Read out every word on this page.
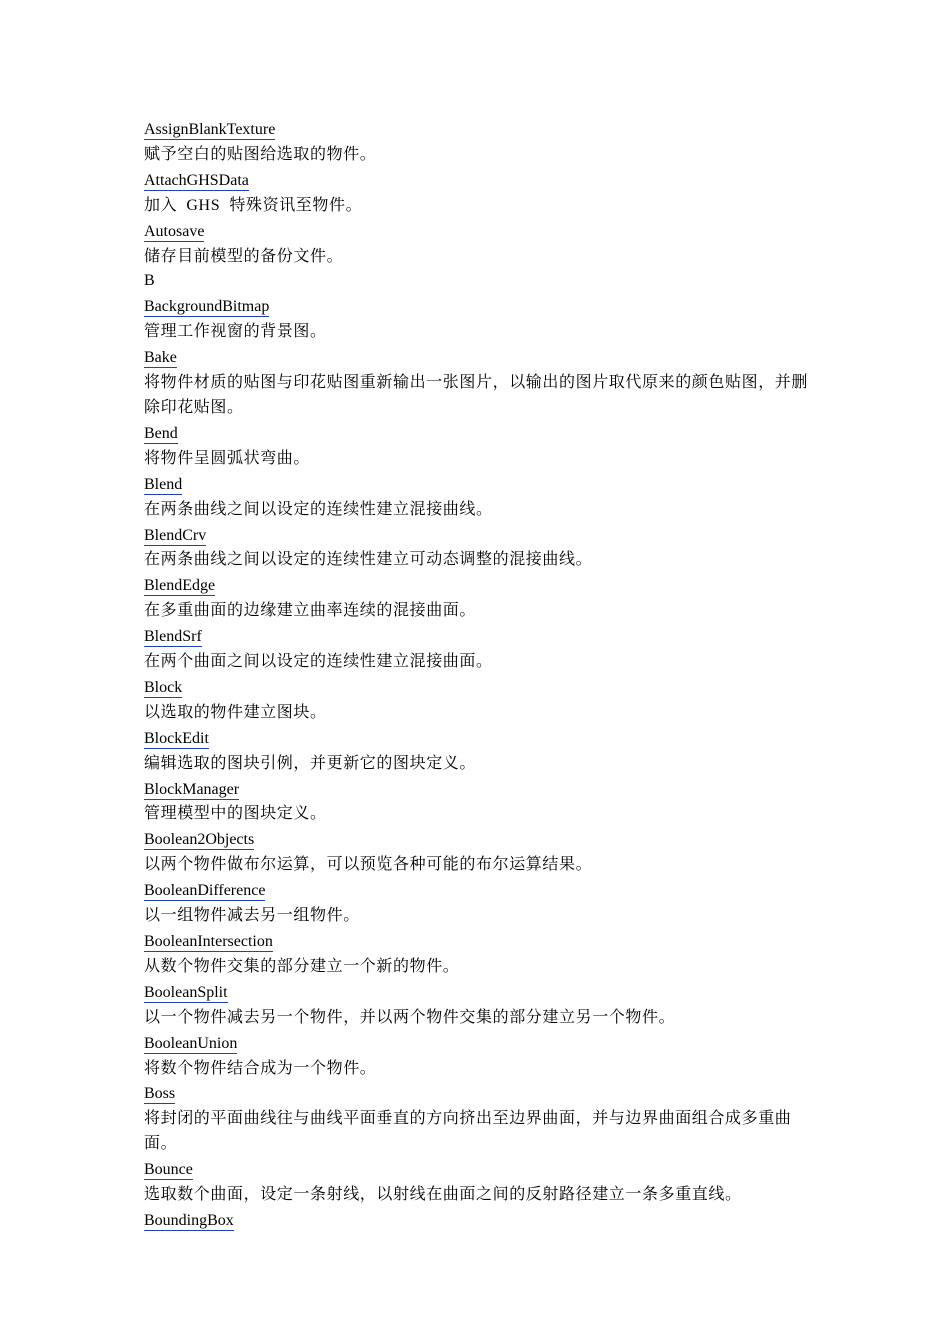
AssignBlankTexture
赋予空白的贴图给选取的物件。
AttachGHSData
加入  GHS  特殊资讯至物件。
Autosave
储存目前模型的备份文件。
B
BackgroundBitmap
管理工作视窗的背景图。
Bake
将物件材质的贴图与印花贴图重新输出一张图片，以输出的图片取代原来的颜色贴图，并删除印花贴图。
Bend
将物件呈圆弧状弯曲。
Blend
在两条曲线之间以设定的连续性建立混接曲线。
BlendCrv
在两条曲线之间以设定的连续性建立可动态调整的混接曲线。
BlendEdge
在多重曲面的边缘建立曲率连续的混接曲面。
BlendSrf
在两个曲面之间以设定的连续性建立混接曲面。
Block
以选取的物件建立图块。
BlockEdit
编辑选取的图块引例，并更新它的图块定义。
BlockManager
管理模型中的图块定义。
Boolean2Objects
以两个物件做布尔运算，可以预览各种可能的布尔运算结果。
BooleanDifference
以一组物件减去另一组物件。
BooleanIntersection
从数个物件交集的部分建立一个新的物件。
BooleanSplit
以一个物件减去另一个物件，并以两个物件交集的部分建立另一个物件。
BooleanUnion
将数个物件结合成为一个物件。
Boss
将封闭的平面曲线往与曲线平面垂直的方向挤出至边界曲面，并与边界曲面组合成多重曲面。
Bounce
选取数个曲面，设定一条射线，以射线在曲面之间的反射路径建立一条多重直线。
BoundingBox
